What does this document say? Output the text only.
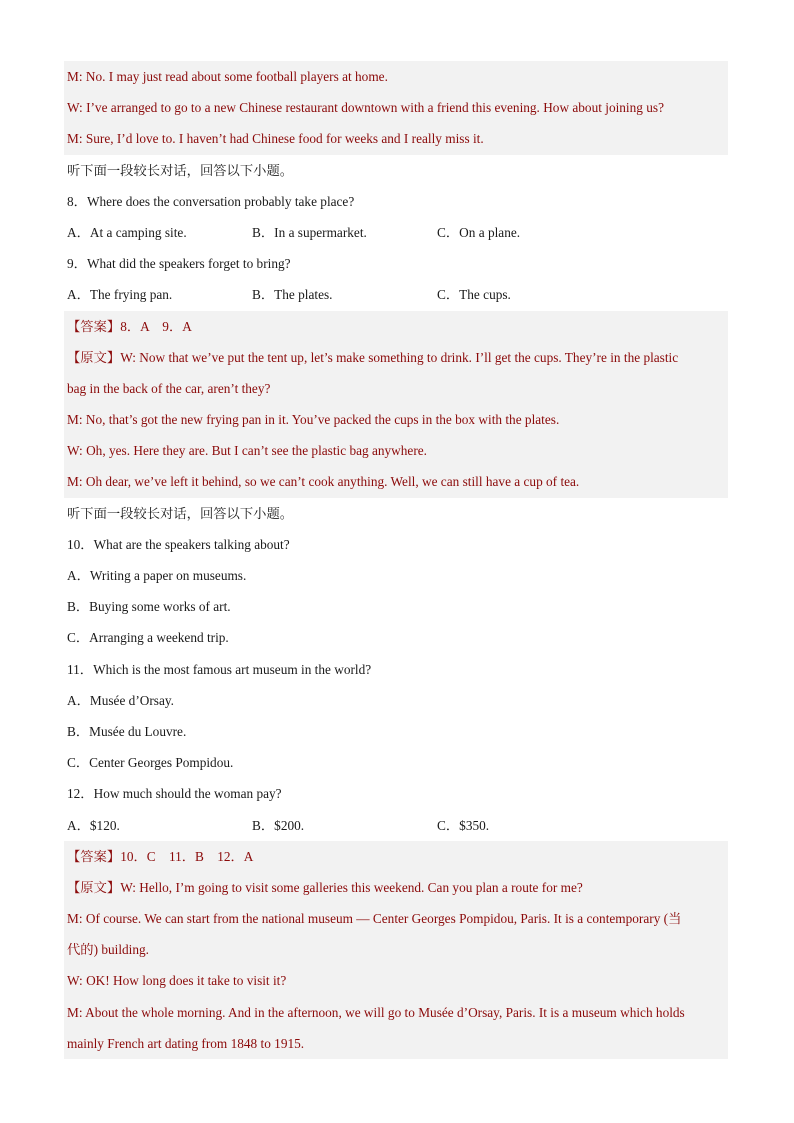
M: No. I may just read about some football players at home.
W: I’ve arranged to go to a new Chinese restaurant downtown with a friend this evening. How about joining us?
M: Sure, I’d love to. I haven’t had Chinese food for weeks and I really miss it.
听下面一段较长对话，回答以下小题。
8．Where does the conversation probably take place?
A．At a camping site.	B．In a supermarket.	C．On a plane.
9．What did the speakers forget to bring?
A．The frying pan.	B．The plates.	C．The cups.
【答案】8．A　9．A
【原文】W: Now that we’ve put the tent up, let’s make something to drink. I’ll get the cups. They’re in the plastic
bag in the back of the car, aren’t they?
M: No, that’s got the new frying pan in it. You’ve packed the cups in the box with the plates.
W: Oh, yes. Here they are. But I can’t see the plastic bag anywhere.
M: Oh dear, we’ve left it behind, so we can’t cook anything. Well, we can still have a cup of tea.
听下面一段较长对话，回答以下小题。
10．What are the speakers talking about?
A．Writing a paper on museums.
B．Buying some works of art.
C．Arranging a weekend trip.
11．Which is the most famous art museum in the world?
A．Musée d’Orsay.
B．Musée du Louvre.
C．Center Georges Pompidou.
12．How much should the woman pay?
A．$120.	B．$200.	C．$350.
【答案】10．C　11．B　12．A
【原文】W: Hello, I’m going to visit some galleries this weekend. Can you plan a route for me?
M: Of course. We can start from the national museum — Center Georges Pompidou, Paris. It is a contemporary (当
代的) building.
W: OK! How long does it take to visit it?
M: About the whole morning. And in the afternoon, we will go to Musée d’Orsay, Paris. It is a museum which holds
mainly French art dating from 1848 to 1915.
